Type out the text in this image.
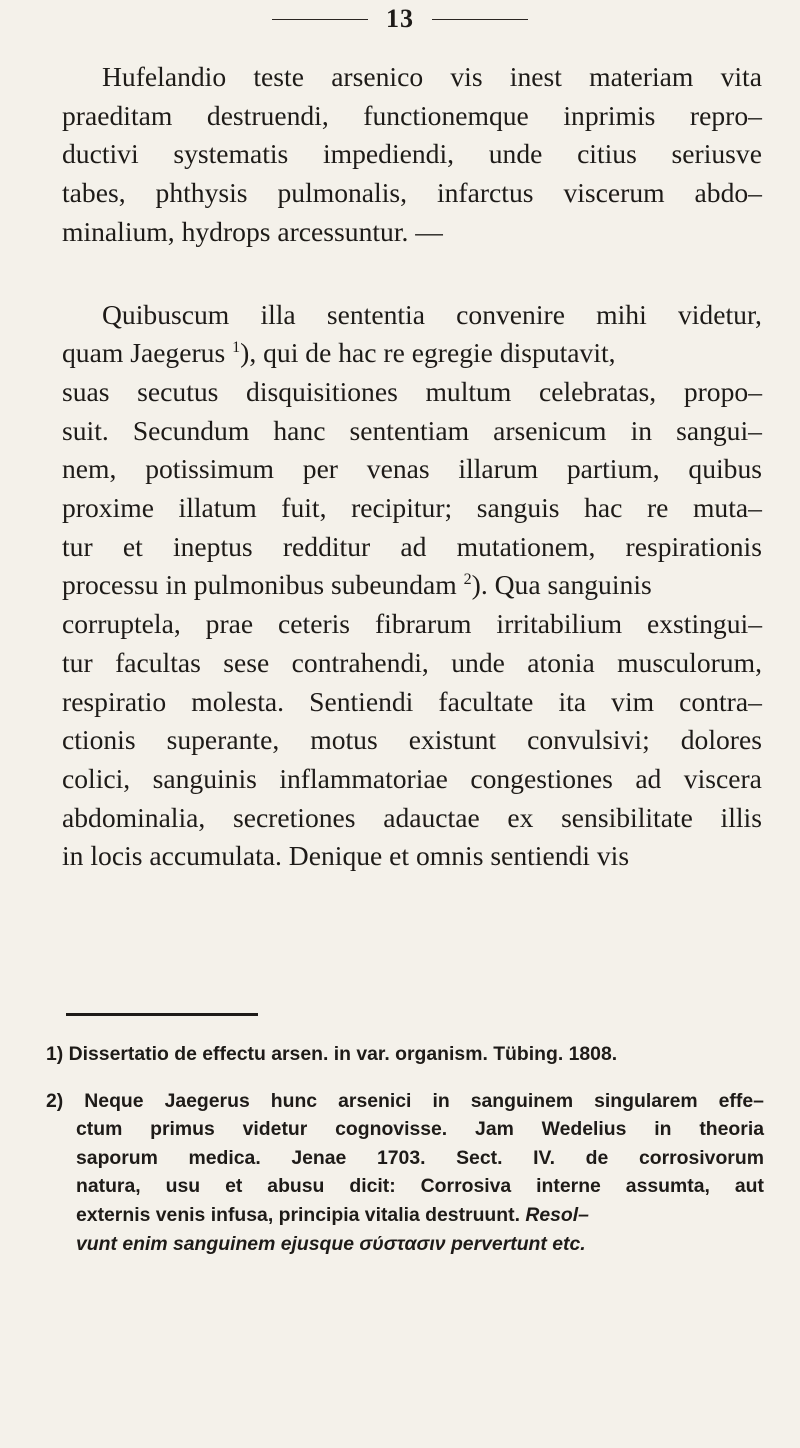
13
Hufelandio teste arsenico vis inest materiam vita
praeditam destruendi, functionemque inprimis repro–
ductivi systematis impediendi, unde citius seriusve
tabes, phthysis pulmonalis, infarctus viscerum abdo–
minalium, hydrops arcessuntur. —
Quibuscum illa sententia convenire mihi videtur,
quam Jaegerus $^1$), qui de hac re egregie disputavit,
suas secutus disquisitiones multum celebratas, propo–
suit. Secundum hanc sententiam arsenicum in sangui–
nem, potissimum per venas illarum partium, quibus
proxime illatum fuit, recipitur; sanguis hac re muta–
tur et ineptus redditur ad mutationem, respirationis
processu in pulmonibus subeundam $^2$). Qua sanguinis
corruptela, prae ceteris fibrarum irritabilium exstingui–
tur facultas sese contrahendi, unde atonia musculorum,
respiratio molesta. Sentiendi facultate ita vim contra–
ctionis superante, motus existunt convulsivi; dolores
colici, sanguinis inflammatoriae congestiones ad viscera
abdominalia, secretiones adauctae ex sensibilitate illis
in locis accumulata. Denique et omnis sentiendi vis
1) Dissertatio de effectu arsen. in var. organism. Tübing. 1808.
2) Neque Jaegerus hunc arsenici in sanguinem singularem effe–
ctum primus videtur cognovisse. Jam Wedelius in theoria
saporum medica. Jenae 1703. Sect. IV. de corrosivorum
natura, usu et abusu dicit: Corrosiva interne assumta, aut
externis venis infusa, principia vitalia destruunt. Resol–
vunt enim sanguinem ejusque σύστασιν pervertunt etc.
